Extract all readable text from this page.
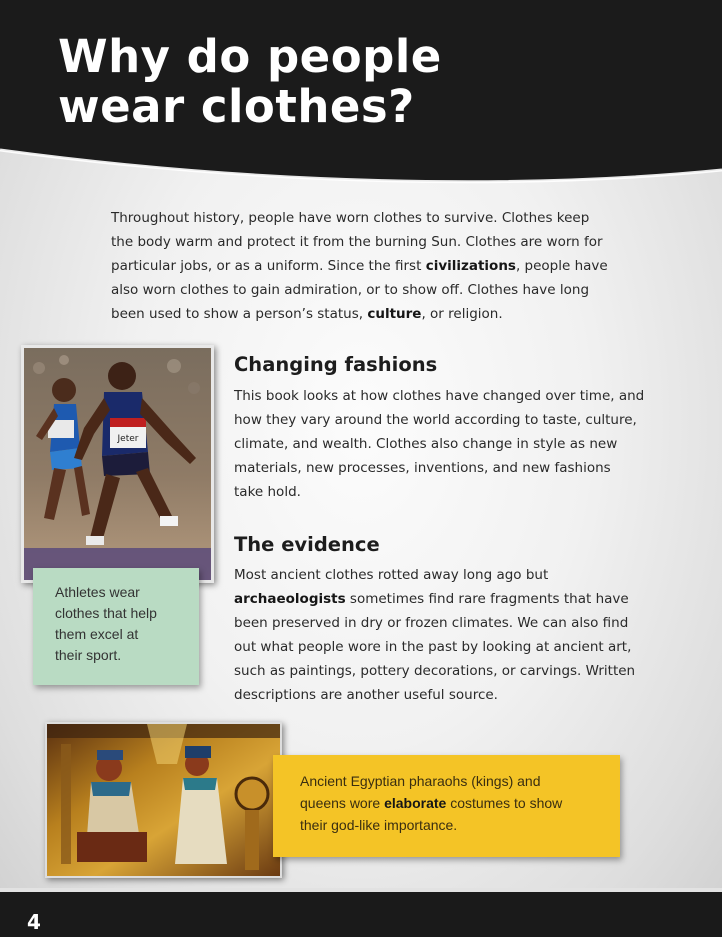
Why do people
wear clothes?

Throughout history, people have worn clothes to survive. Clothes keep
the body warm and protect it from the burning Sun. Clothes are worn for
particular jobs, or as a uniform. Since the first civilizations, people have
also worn clothes to gain admiration, or to show off. Clothes have long
been used to show a person’s status, culture, or religion.

Changing fashions

This book looks at how clothes have changed over time, and
how they vary around the world according to taste, culture,
climate, and wealth. Clothes also change in style as new
materials, new processes, inventions, and new fashions
take hold.

The evidence

Most ancient clothes rotted away long ago but
archaeologists sometimes find rare fragments that have
been preserved in dry or frozen climates. We can also find
out what people wore in the past by looking at ancient art,
such as paintings, pottery decorations, or carvings. Written
descriptions are another useful source.

Jeter

Athletes wear
clothes that help
them excel at
their sport.

Ancient Egyptian pharaohs (kings) and
queens wore elaborate costumes to show
their god-like importance.

4
